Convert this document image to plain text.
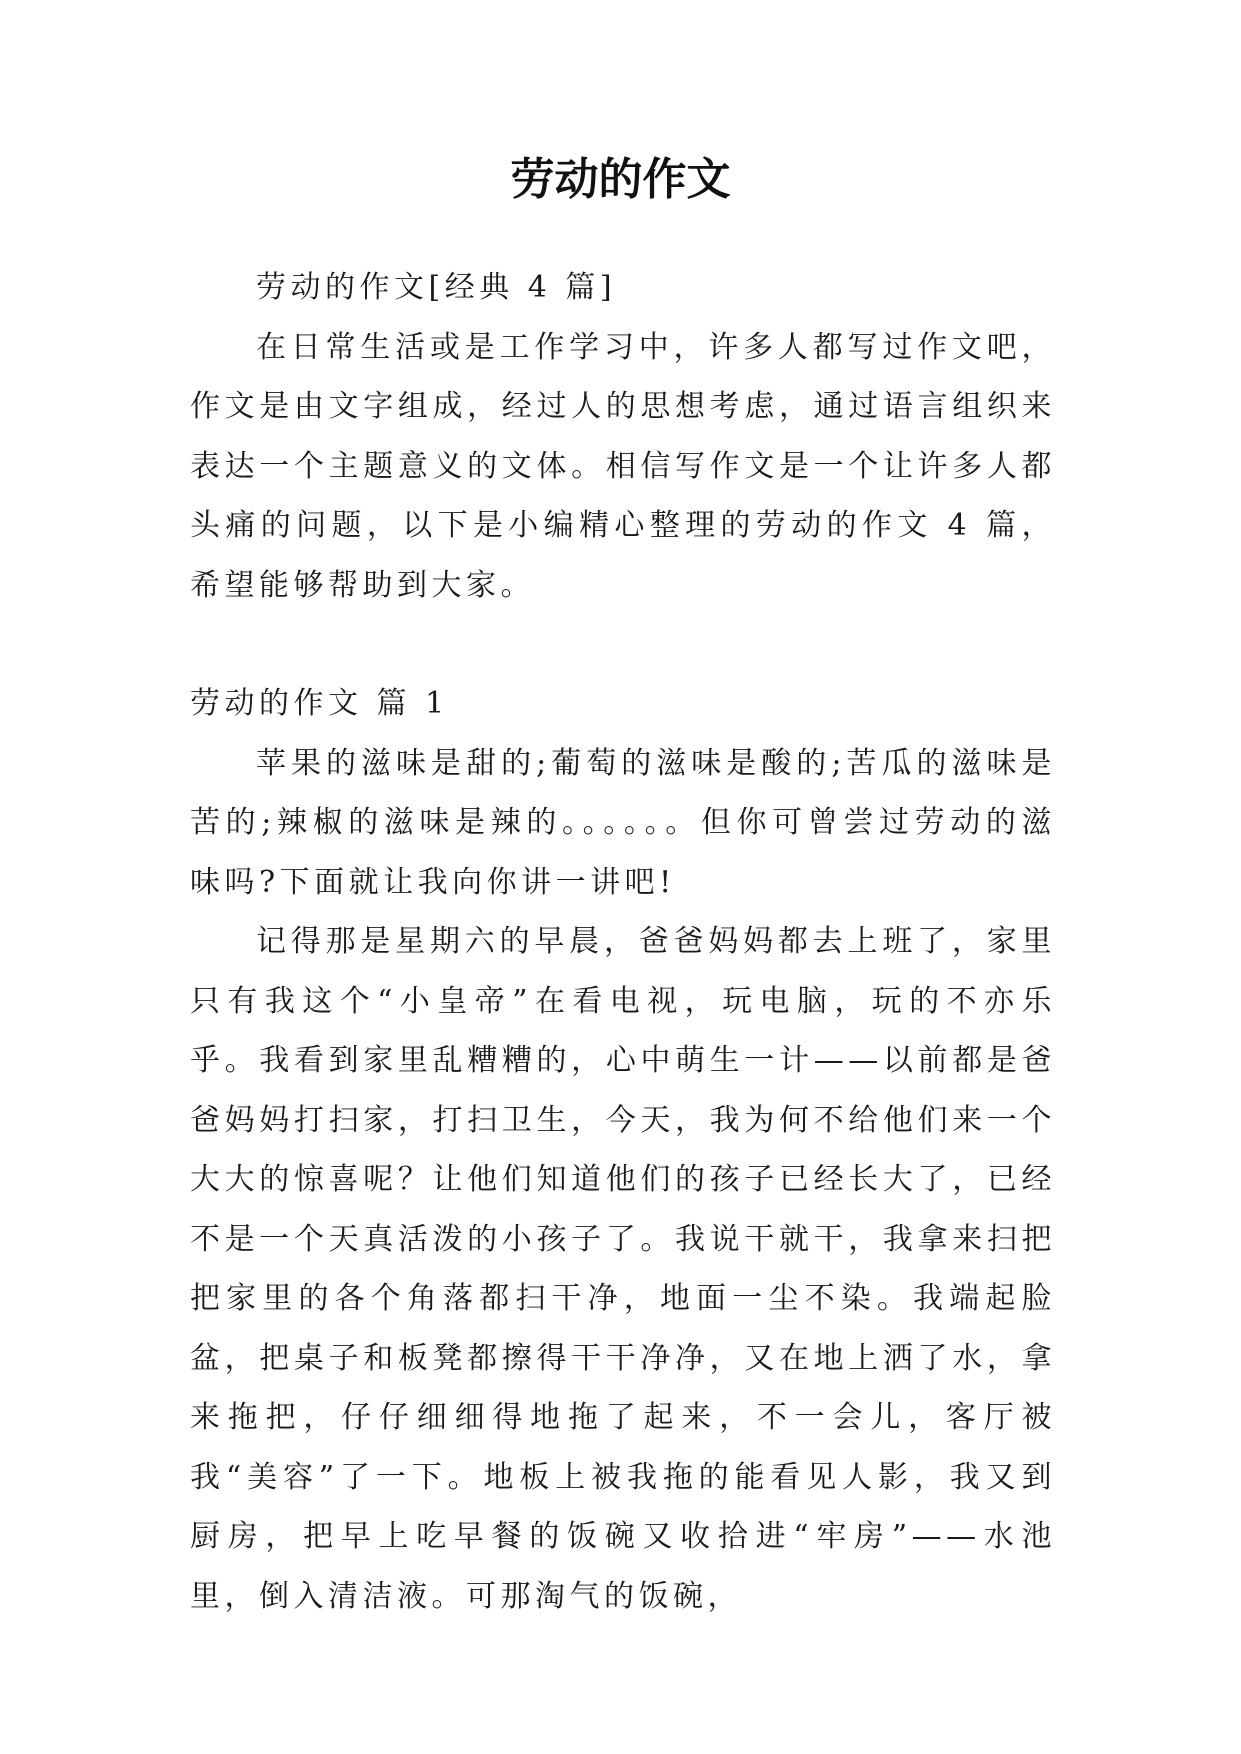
劳动的作文

劳动的作文[经典 4 篇]

在日常生活或是工作学习中，许多人都写过作文吧，作文是由文字组成，经过人的思想考虑，通过语言组织来表达一个主题意义的文体。相信写作文是一个让许多人都头痛的问题，以下是小编精心整理的劳动的作文 4 篇，希望能够帮助到大家。

劳动的作文 篇 1

苹果的滋味是甜的;葡萄的滋味是酸的;苦瓜的滋味是苦的;辣椒的滋味是辣的。。。。。。但你可曾尝过劳动的滋味吗?下面就让我向你讲一讲吧!

记得那是星期六的早晨，爸爸妈妈都去上班了，家里只有我这个“小皇帝”在看电视，玩电脑，玩的不亦乐乎。我看到家里乱糟糟的，心中萌生一计——以前都是爸爸妈妈打扫家，打扫卫生，今天，我为何不给他们来一个大大的惊喜呢？让他们知道他们的孩子已经长大了，已经不是一个天真活泼的小孩子了。我说干就干，我拿来扫把把家里的各个角落都扫干净，地面一尘不染。我端起脸盆，把桌子和板凳都擦得干干净净，又在地上洒了水，拿来拖把，仔仔细细得地拖了起来，不一会儿，客厅被我“美容”了一下。地板上被我拖的能看见人影，我又到厨房，把早上吃早餐的饭碗又收拾进“牢房”——水池里，倒入清洁液。可那淘气的饭碗，
